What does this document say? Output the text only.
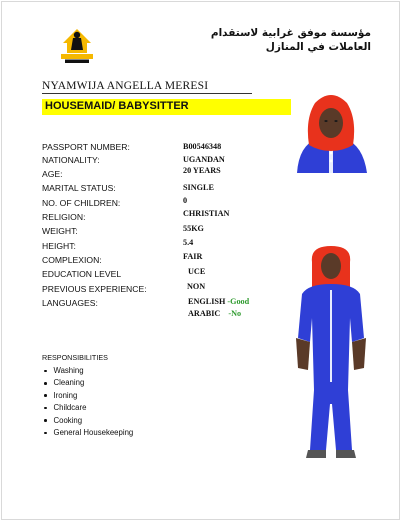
مؤسسة موفق غرابية لاستقدام العاملات في المنازل
NYAMWIJA ANGELLA MERESI
HOUSEMAID/ BABYSITTER
PASSPORT NUMBER:	B00546348
NATIONALITY:	UGANDAN
AGE:	20 YEARS
MARITAL STATUS:	SINGLE
NO. OF CHILDREN:	0
RELIGION:	CHRISTIAN
WEIGHT:	55KG
HEIGHT:	5.4
COMPLEXION:	FAIR
EDUCATION LEVEL	UCE
PREVIOUS EXPERIENCE:	NON
LANGUAGES:	ENGLISH -Good
ARABIC -No
RESPONSIBILITIES
Washing
Cleaning
Ironing
Childcare
Cooking
General Housekeeping
